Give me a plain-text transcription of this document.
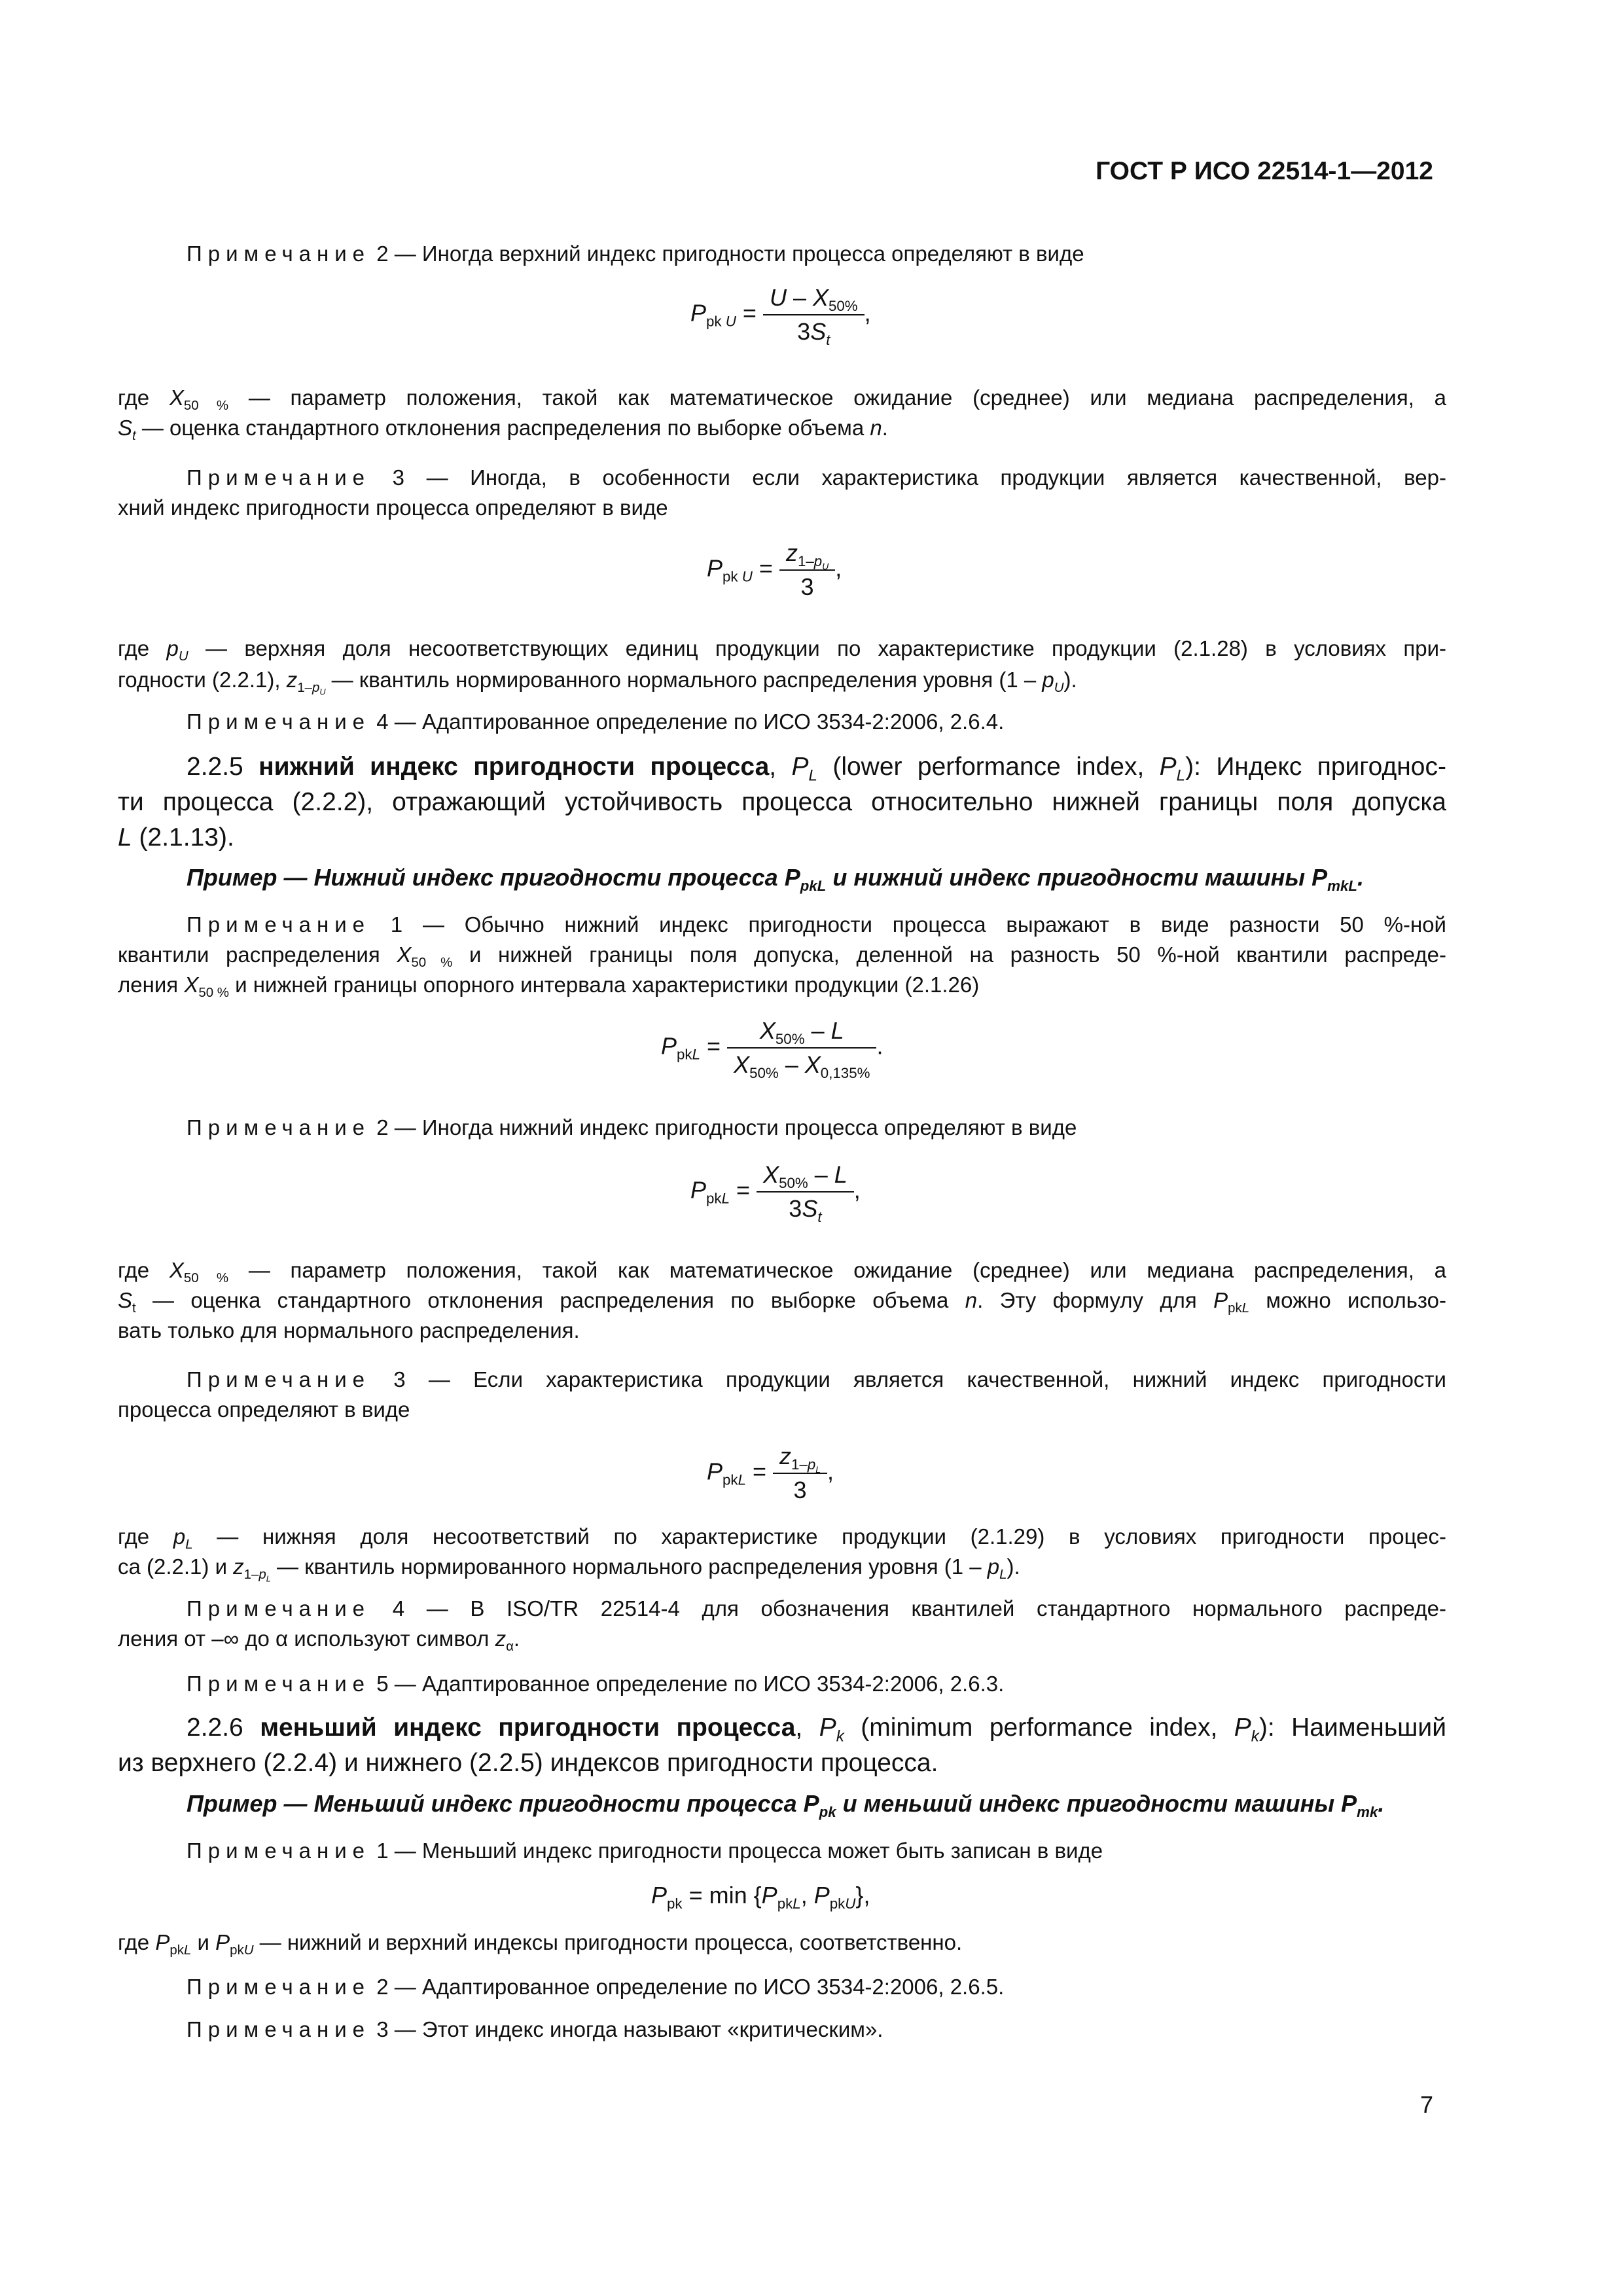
ГОСТ Р ИСО 22514-1—2012
Примечание 2 — Иногда верхний индекс пригодности процесса определяют в виде
$P_{pk U} = \frac{U - X_{50\%}}{3S_t}$ ,
где $X_{50 \%}$ — параметр положения, такой как математическое ожидание (среднее) или медиана распределения, а
$S_t$ — оценка стандартного отклонения распределения по выборке объема n.
Примечание 3 — Иногда, в особенности если характеристика продукции является качественной, вер-
хний индекс пригодности процесса определяют в виде
$P_{pk U} = \frac{z_{1-p_U}}{3}$ ,
где $p_U$ — верхняя доля несоответствующих единиц продукции по характеристике продукции (2.1.28) в условиях при-
годности (2.2.1), $z_{1-p_U}$ — квантиль нормированного нормального распределения уровня $(1 - p_U)$.
Примечание 4 — Адаптированное определение по ИСО 3534-2:2006, 2.6.4.
2.2.5 нижний индекс пригодности процесса, $P_L$ (lower performance index, $P_L$): Индекс пригоднос-
ти процесса (2.2.2), отражающий устойчивость процесса относительно нижней границы поля допуска
L (2.1.13).
Пример — Нижний индекс пригодности процесса $P_{pkL}$ и нижний индекс пригодности машины $P_{mkL}$.
Примечание 1 — Обычно нижний индекс пригодности процесса выражают в виде разности 50 %-ной
квантили распределения $X_{50 \%}$ и нижней границы поля допуска, деленной на разность 50 %-ной квантили распреде-
ления $X_{50 \%}$ и нижней границы опорного интервала характеристики продукции (2.1.26)
$P_{pkL} = \frac{X_{50\%} - L}{X_{50\%} - X_{0,135\%}}$ .
Примечание 2 — Иногда нижний индекс пригодности процесса определяют в виде
$P_{pkL} = \frac{X_{50\%} - L}{3S_t}$ ,
где $X_{50 \%}$ — параметр положения, такой как математическое ожидание (среднее) или медиана распределения, а
$S_t$ — оценка стандартного отклонения распределения по выборке объема n. Эту формулу для $P_{pkL}$ можно использо-
вать только для нормального распределения.
Примечание 3 — Если характеристика продукции является качественной, нижний индекс пригодности
процесса определяют в виде
$P_{pkL} = \frac{z_{1-p_L}}{3}$ ,
где $p_L$ — нижняя доля несоответствий по характеристике продукции (2.1.29) в условиях пригодности процес-
са (2.2.1) и $z_{1-p_L}$ — квантиль нормированного нормального распределения уровня $(1 - p_L)$.
Примечание 4 — В ISO/TR 22514-4 для обозначения квантилей стандартного нормального распреде-
ления от –∞ до α используют символ $z_\alpha$.
Примечание 5 — Адаптированное определение по ИСО 3534-2:2006, 2.6.3.
2.2.6 меньший индекс пригодности процесса, $P_k$ (minimum performance index, $P_k$): Наименьший
из верхнего (2.2.4) и нижнего (2.2.5) индексов пригодности процесса.
Пример — Меньший индекс пригодности процесса $P_{pk}$ и меньший индекс пригодности машины $P_{mk}$.
Примечание 1 — Меньший индекс пригодности процесса может быть записан в виде
$P_{pk} = \min \{P_{pkL}$, $P_{pkU}$},
где $P_{pkL}$ и $P_{pkU}$ — нижний и верхний индексы пригодности процесса, соответственно.
Примечание 2 — Адаптированное определение по ИСО 3534-2:2006, 2.6.5.
Примечание 3 — Этот индекс иногда называют «критическим».
7
